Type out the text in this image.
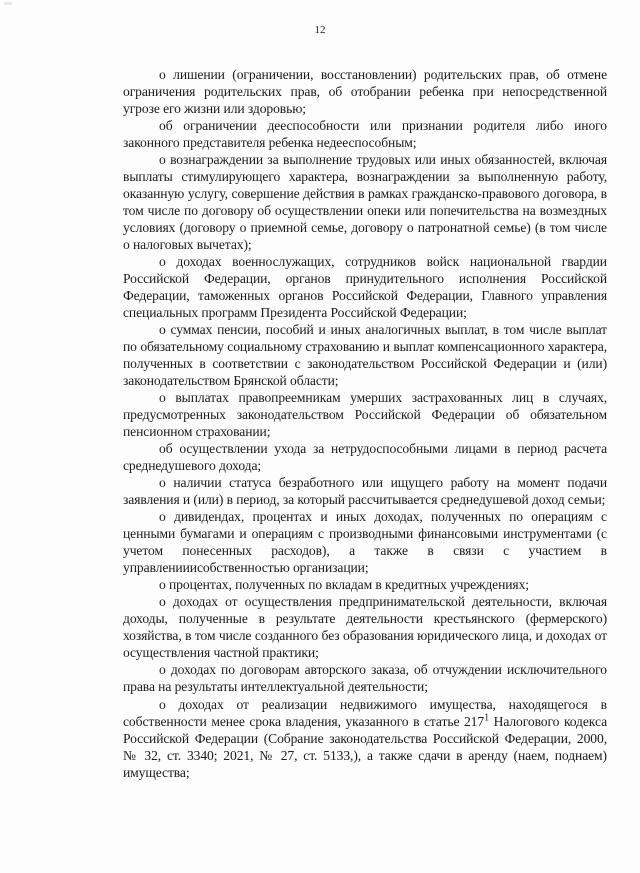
12

о лишении (ограничении, восстановлении) родительских прав, об отмене ограничения родительских прав, об отобрании ребенка при непосредственной угрозе его жизни или здоровью;

об ограничении дееспособности или признании родителя либо иного законного представителя ребенка недееспособным;

о вознаграждении за выполнение трудовых или иных обязанностей, включая выплаты стимулирующего характера, вознаграждении за выполненную работу, оказанную услугу, совершение действия в рамках гражданско-правового договора, в том числе по договору об осуществлении опеки или попечительства на возмездных условиях (договору о приемной семье, договору о патронатной семье) (в том числе о налоговых вычетах);

о доходах военнослужащих, сотрудников войск национальной гвардии Российской Федерации, органов принудительного исполнения Российской Федерации, таможенных органов Российской Федерации, Главного управления специальных программ Президента Российской Федерации;

о суммах пенсии, пособий и иных аналогичных выплат, в том числе выплат по обязательному социальному страхованию и выплат компенсационного характера, полученных в соответствии с законодательством Российской Федерации и (или) законодательством Брянской области;

о выплатах правопреемникам умерших застрахованных лиц в случаях, предусмотренных законодательством Российской Федерации об обязательном пенсионном страховании;

об осуществлении ухода за нетрудоспособными лицами в период расчета среднедушевого дохода;

о наличии статуса безработного или ищущего работу на момент подачи заявления и (или) в период, за который рассчитывается среднедушевой доход семьи;

о дивидендах, процентах и иных доходах, полученных по операциям с ценными бумагами и операциям с производными финансовыми инструментами (с учетом понесенных расходов), а также в связи с участием в управленииисобственностью организации;

о процентах, полученных по вкладам в кредитных учреждениях;

о доходах от осуществления предпринимательской деятельности, включая доходы, полученные в результате деятельности крестьянского (фермерского) хозяйства, в том числе созданного без образования юридического лица, и доходах от осуществления частной практики;

о доходах по договорам авторского заказа, об отчуждении исключительного права на результаты интеллектуальной деятельности;

о доходах от реализации недвижимого имущества, находящегося в собственности менее срока владения, указанного в статье $217^1$ Налогового кодекса Российской Федерации (Собрание законодательства Российской Федерации, 2000, № 32, ст. 3340; 2021, № 27, ст. 5133,), а также сдачи в аренду (наем, поднаем) имущества;
